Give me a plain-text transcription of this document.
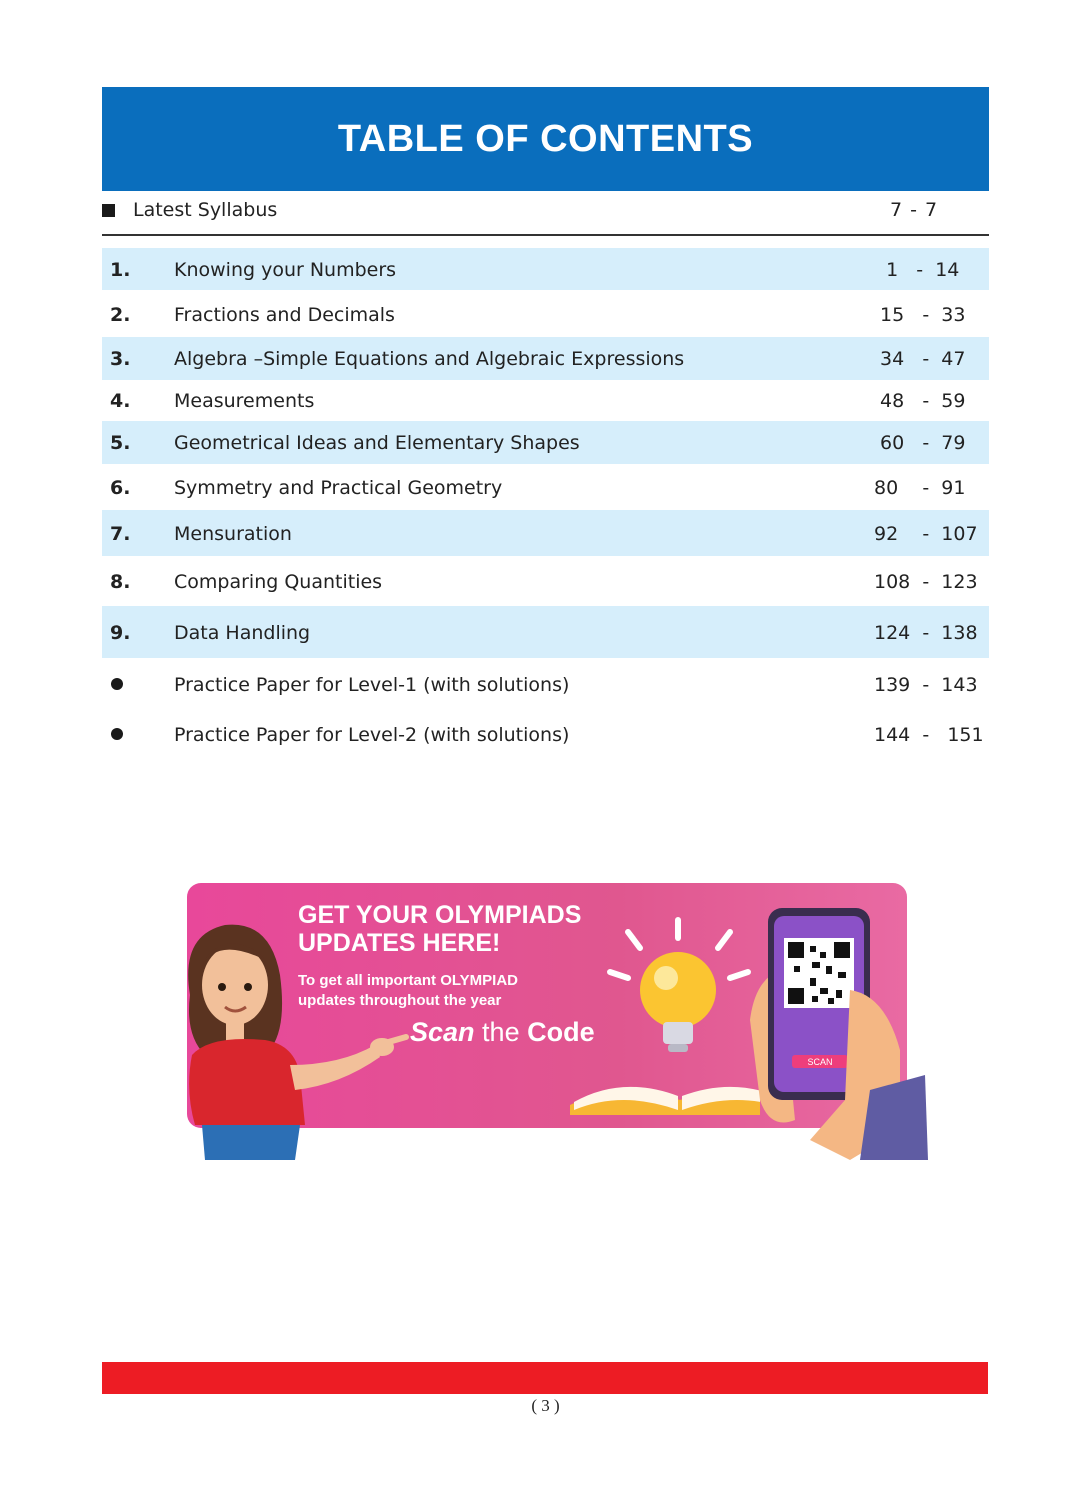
TABLE OF CONTENTS
Latest Syllabus	7 - 7
1. Knowing your Numbers	1   -  14
2. Fractions and Decimals	15   -  33
3. Algebra –Simple Equations and Algebraic Expressions	34   -  47
4. Measurements	48   -  59
5. Geometrical Ideas and Elementary Shapes	60   -  79
6. Symmetry and Practical Geometry	80    -  91
7. Mensuration	92    -  107
8. Comparing Quantities	108  -  123
9. Data Handling	124  -  138
Practice Paper for Level-1 (with solutions)	139  -  143
Practice Paper for Level-2 (with solutions)	144  -   151
GET YOUR OLYMPIADS
UPDATES HERE!
To get all important OLYMPIAD
updates throughout the year
Scan the Code
SCAN
( 3 )
